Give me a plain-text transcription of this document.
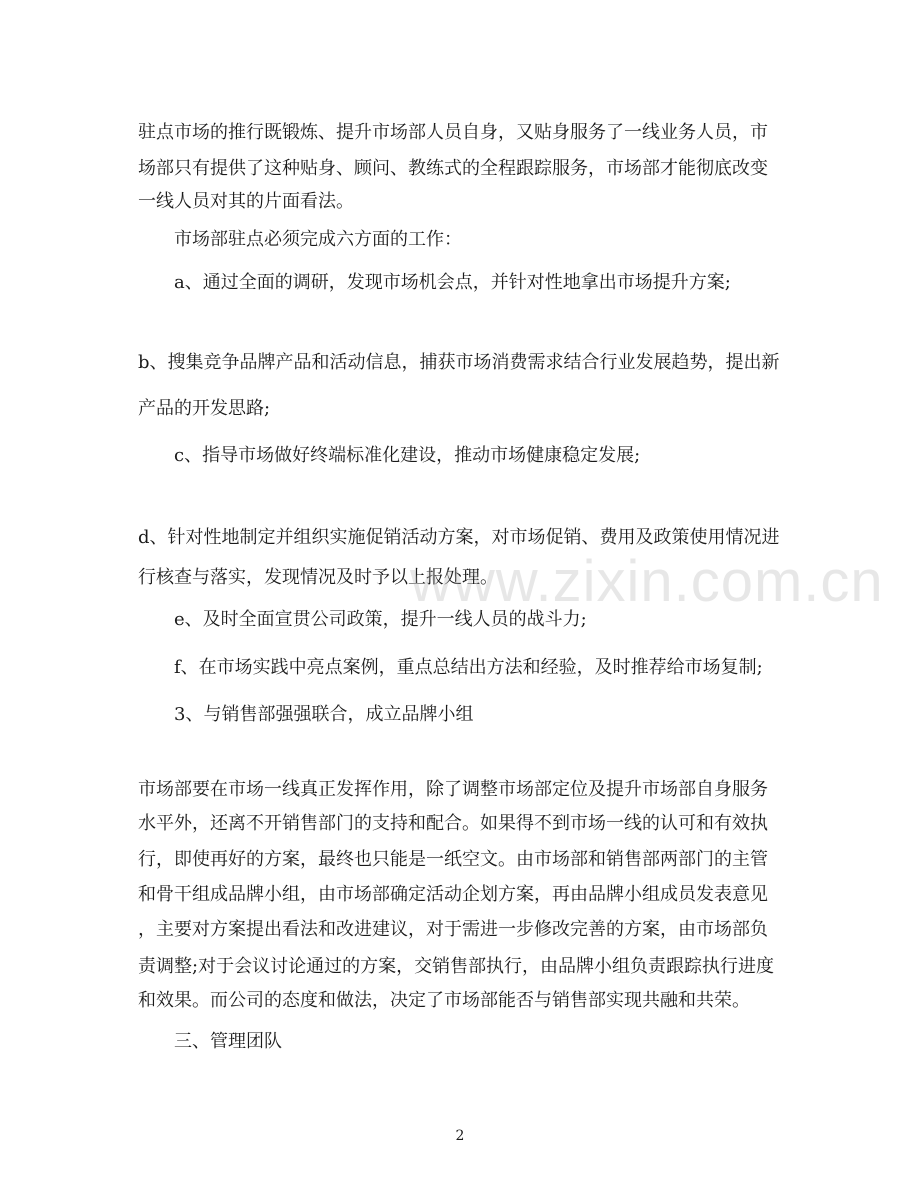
驻点市场的推行既锻炼、提升市场部人员自身，又贴身服务了一线业务人员，市
场部只有提供了这种贴身、顾问、教练式的全程跟踪服务，市场部才能彻底改变
一线人员对其的片面看法。
市场部驻点必须完成六方面的工作：
a、通过全面的调研，发现市场机会点，并针对性地拿出市场提升方案;
b、搜集竞争品牌产品和活动信息，捕获市场消费需求结合行业发展趋势，提出新
产品的开发思路;
c、指导市场做好终端标准化建设，推动市场健康稳定发展;
d、针对性地制定并组织实施促销活动方案，对市场促销、费用及政策使用情况进
行核查与落实，发现情况及时予以上报处理。
e、及时全面宣贯公司政策，提升一线人员的战斗力;
f、在市场实践中亮点案例，重点总结出方法和经验，及时推荐给市场复制;
3、与销售部强强联合，成立品牌小组
市场部要在市场一线真正发挥作用，除了调整市场部定位及提升市场部自身服务
水平外，还离不开销售部门的支持和配合。如果得不到市场一线的认可和有效执
行，即使再好的方案，最终也只能是一纸空文。由市场部和销售部两部门的主管
和骨干组成品牌小组，由市场部确定活动企划方案，再由品牌小组成员发表意见
，主要对方案提出看法和改进建议，对于需进一步修改完善的方案，由市场部负
责调整;对于会议讨论通过的方案，交销售部执行，由品牌小组负责跟踪执行进度
和效果。而公司的态度和做法，决定了市场部能否与销售部实现共融和共荣。
三、管理团队
www.zixin.com.cn
2
